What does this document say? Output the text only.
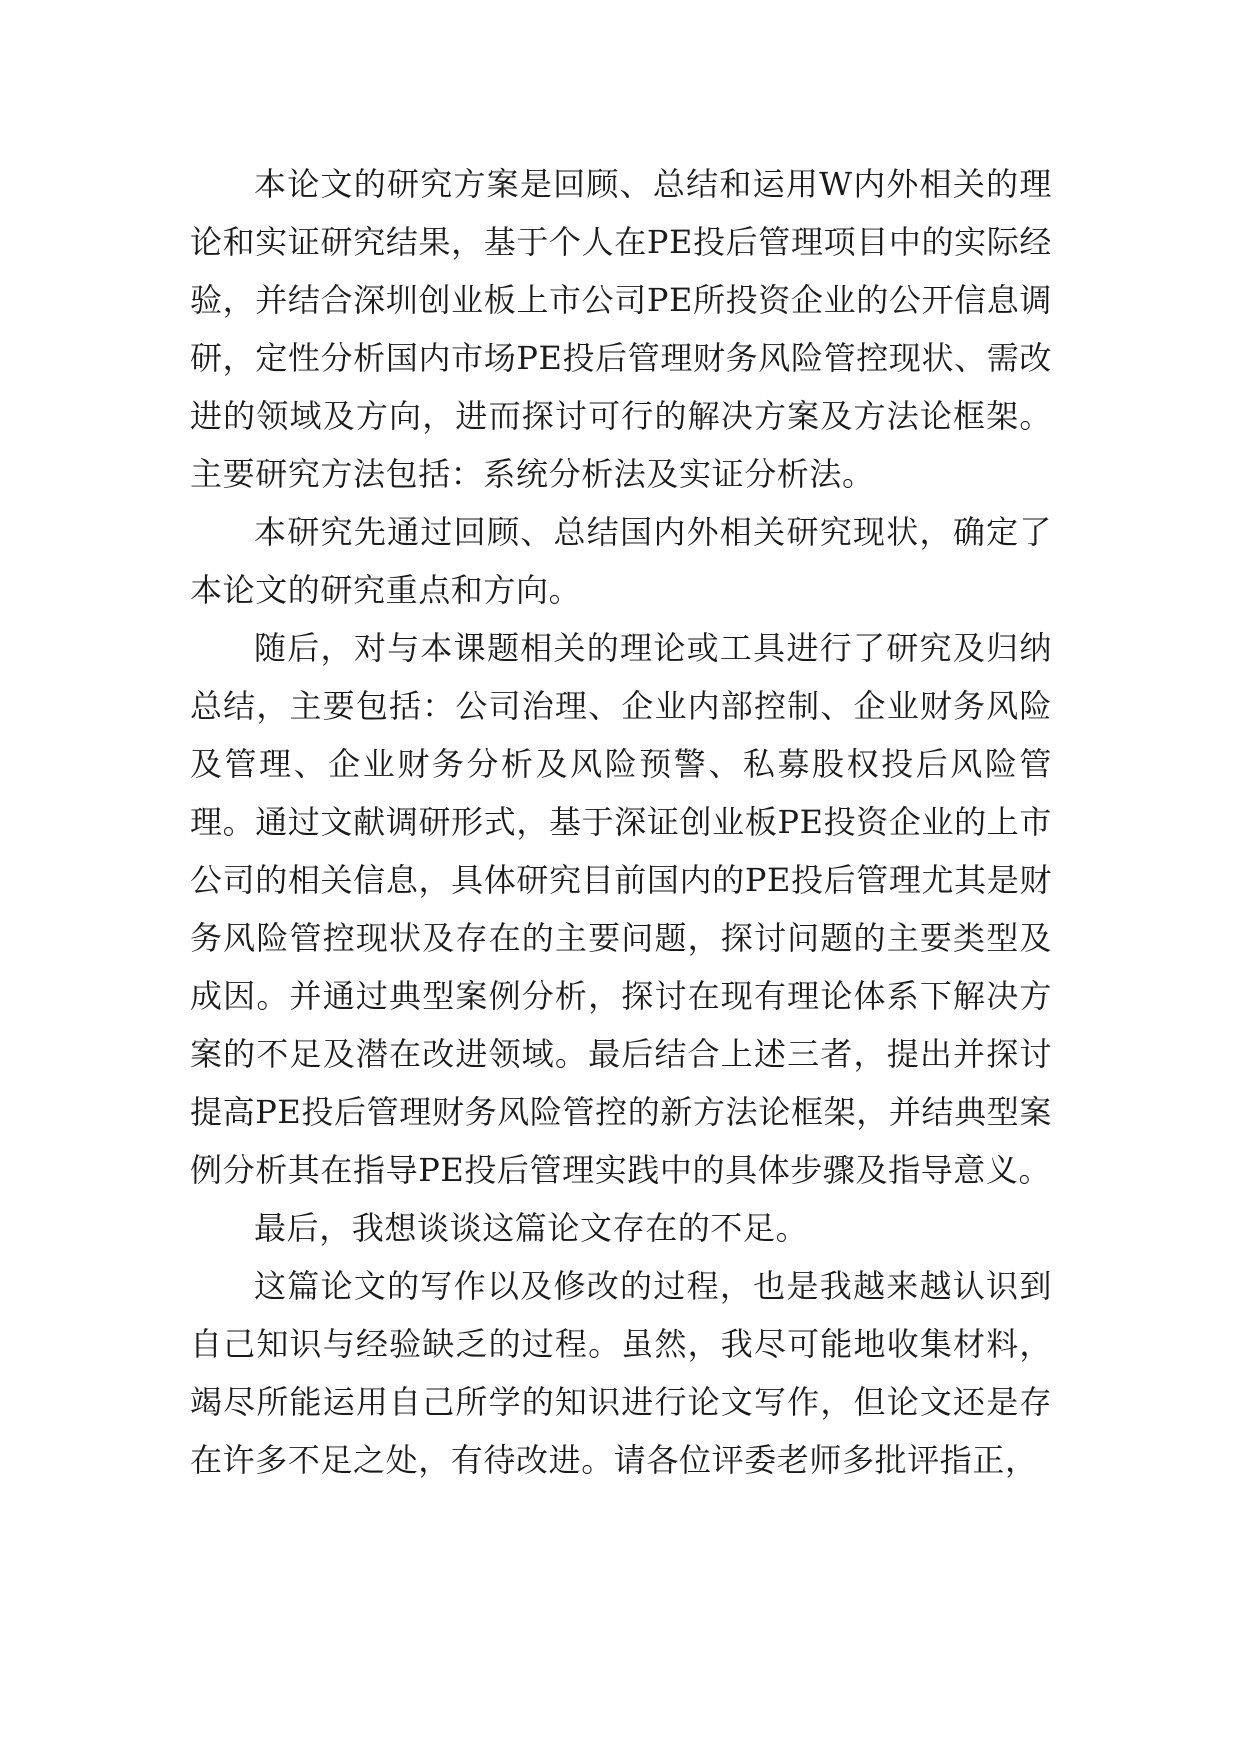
本论文的研究方案是回顾、总结和运用W内外相关的理论和实证研究结果，基于个人在PE投后管理项目中的实际经验，并结合深圳创业板上市公司PE所投资企业的公开信息调研，定性分析国内市场PE投后管理财务风险管控现状、需改进的领域及方向，进而探讨可行的解决方案及方法论框架。主要研究方法包括：系统分析法及实证分析法。

本研究先通过回顾、总结国内外相关研究现状，确定了本论文的研究重点和方向。

随后，对与本课题相关的理论或工具进行了研究及归纳总结，主要包括：公司治理、企业内部控制、企业财务风险及管理、企业财务分析及风险预警、私募股权投后风险管理。通过文献调研形式，基于深证创业板PE投资企业的上市公司的相关信息，具体研究目前国内的PE投后管理尤其是财务风险管控现状及存在的主要问题，探讨问题的主要类型及成因。并通过典型案例分析，探讨在现有理论体系下解决方案的不足及潜在改进领域。最后结合上述三者，提出并探讨提高PE投后管理财务风险管控的新方法论框架，并结典型案例分析其在指导PE投后管理实践中的具体步骤及指导意义。

最后，我想谈谈这篇论文存在的不足。

这篇论文的写作以及修改的过程，也是我越来越认识到自己知识与经验缺乏的过程。虽然，我尽可能地收集材料，竭尽所能运用自己所学的知识进行论文写作，但论文还是存在许多不足之处，有待改进。请各位评委老师多批评指正，
